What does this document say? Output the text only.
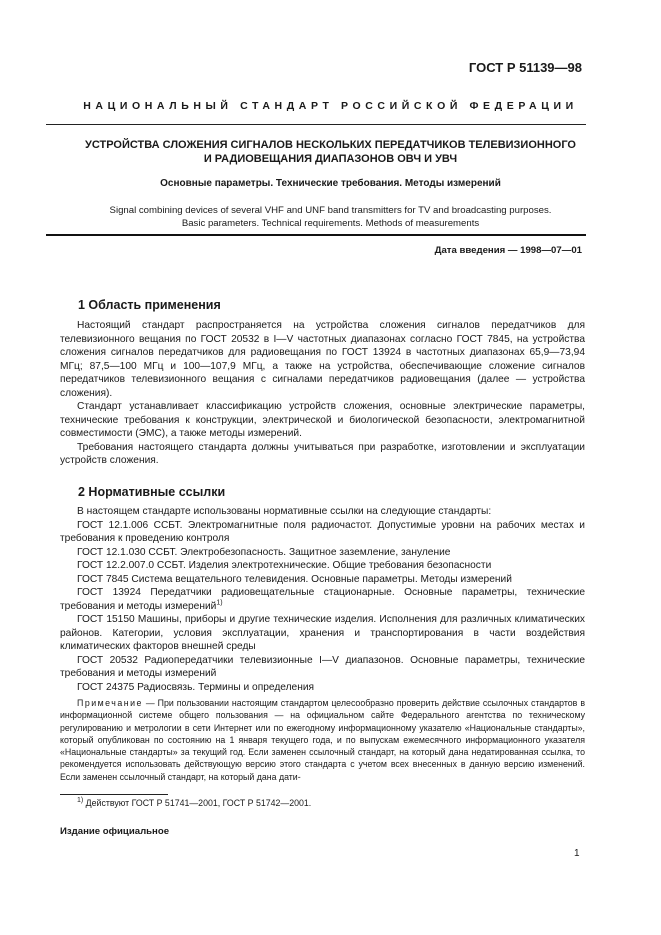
ГОСТ Р 51139—98
НАЦИОНАЛЬНЫЙ СТАНДАРТ РОССИЙСКОЙ ФЕДЕРАЦИИ
УСТРОЙСТВА СЛОЖЕНИЯ СИГНАЛОВ НЕСКОЛЬКИХ ПЕРЕДАТЧИКОВ ТЕЛЕВИЗИОННОГО
И РАДИОВЕЩАНИЯ ДИАПАЗОНОВ ОВЧ И УВЧ
Основные параметры. Технические требования. Методы измерений
Signal combining devices of several VHF and UNF band transmitters for TV and broadcasting purposes.
Basic parameters. Technical requirements. Methods of measurements
Дата введения — 1998—07—01
1 Область применения

Настоящий стандарт распространяется на устройства сложения сигналов передатчиков для телевизионного вещания по ГОСТ 20532 в I—V частотных диапазонах согласно ГОСТ 7845, на устройства сложения сигналов передатчиков для радиовещания по ГОСТ 13924 в частотных диапазонах 65,9—73,94 МГц; 87,5—100 МГц и 100—107,9 МГц, а также на устройства, обеспечивающие сложение сигналов передатчиков телевизионного вещания с сигналами передатчиков радиовещания (далее — устройства сложения).

Стандарт устанавливает классификацию устройств сложения, основные электрические параметры, технические требования к конструкции, электрической и биологической безопасности, электромагнитной совместимости (ЭМС), а также методы измерений.

Требования настоящего стандарта должны учитываться при разработке, изготовлении и эксплуатации устройств сложения.

2 Нормативные ссылки

В настоящем стандарте использованы нормативные ссылки на следующие стандарты:

ГОСТ 12.1.006 ССБТ. Электромагнитные поля радиочастот. Допустимые уровни на рабочих местах и требования к проведению контроля

ГОСТ 12.1.030 ССБТ. Электробезопасность. Защитное заземление, зануление

ГОСТ 12.2.007.0 ССБТ. Изделия электротехнические. Общие требования безопасности

ГОСТ 7845 Система вещательного телевидения. Основные параметры. Методы измерений

ГОСТ 13924 Передатчики радиовещательные стационарные. Основные параметры, технические требования и методы измерений$^{1)}$

ГОСТ 15150 Машины, приборы и другие технические изделия. Исполнения для различных климатических районов. Категории, условия эксплуатации, хранения и транспортирования в части воздействия климатических факторов внешней среды

ГОСТ 20532 Радиопередатчики телевизионные I—V диапазонов. Основные параметры, технические требования и методы измерений

ГОСТ 24375 Радиосвязь. Термины и определения

Примечание — При пользовании настоящим стандартом целесообразно проверить действие ссылочных стандартов в информационной системе общего пользования — на официальном сайте Федерального агентства по техническому регулированию и метрологии в сети Интернет или по ежегодному информационному указателю «Национальные стандарты», который опубликован по состоянию на 1 января текущего года, и по выпускам ежемесячного информационного указателя «Национальные стандарты» за текущий год. Если заменен ссылочный стандарт, на который дана недатированная ссылка, то рекомендуется использовать действующую версию этого стандарта с учетом всех внесенных в данную версию изменений. Если заменен ссылочный стандарт, на который дана дати-

$^{1)}$ Действуют ГОСТ Р 51741—2001, ГОСТ Р 51742—2001.
Издание официальное
1
